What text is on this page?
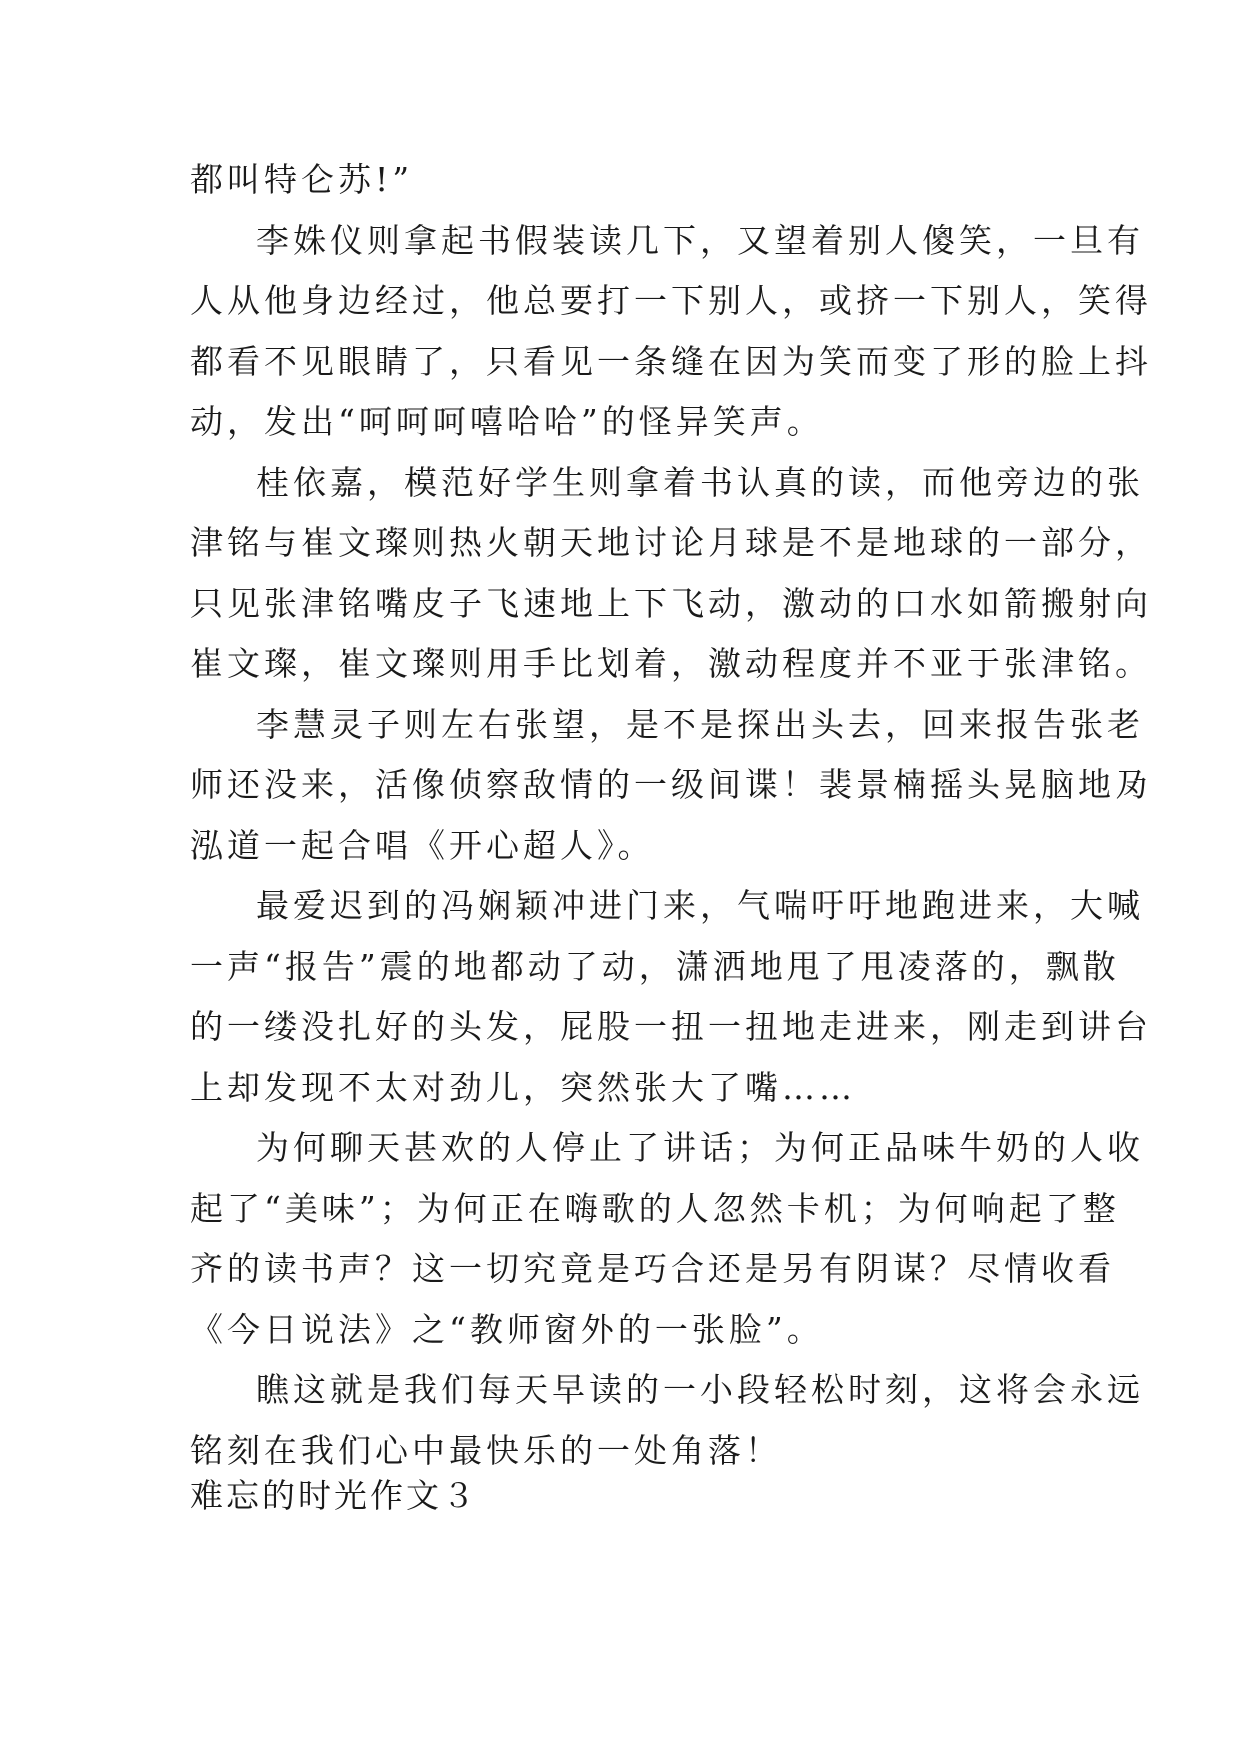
都叫特仑苏!”

李姝仪则拿起书假装读几下，又望着别人傻笑，一旦有

人从他身边经过，他总要打一下别人，或挤一下别人，笑得

都看不见眼睛了，只看见一条缝在因为笑而变了形的脸上抖

动，发出“呵呵呵嘻哈哈”的怪异笑声。

桂依嘉，模范好学生则拿着书认真的读，而他旁边的张

津铭与崔文璨则热火朝天地讨论月球是不是地球的一部分，

只见张津铭嘴皮子飞速地上下飞动，激动的口水如箭搬射向

崔文璨，崔文璨则用手比划着，激动程度并不亚于张津铭。

李慧灵子则左右张望，是不是探出头去，回来报告张老

师还没来，活像侦察敌情的一级间谍！裴景楠摇头晃脑地夃

泓道一起合唱《开心超人》。

最爱迟到的冯娴颖冲进门来，气喘吁吁地跑进来，大喊

一声“报告”震的地都动了动，潇洒地甩了甩凌落的，飘散

的一缕没扎好的头发，屁股一扭一扭地走进来，刚走到讲台

上却发现不太对劲儿，突然张大了嘴……

为何聊天甚欢的人停止了讲话；为何正品味牛奶的人收

起了“美味”；为何正在嗨歌的人忽然卡机；为何响起了整

齐的读书声？这一切究竟是巧合还是另有阴谋？尽情收看

《今日说法》之“教师窗外的一张脸”。

瞧这就是我们每天早读的一小段轻松时刻，这将会永远

铭刻在我们心中最快乐的一处角落！

难忘的时光作文３
